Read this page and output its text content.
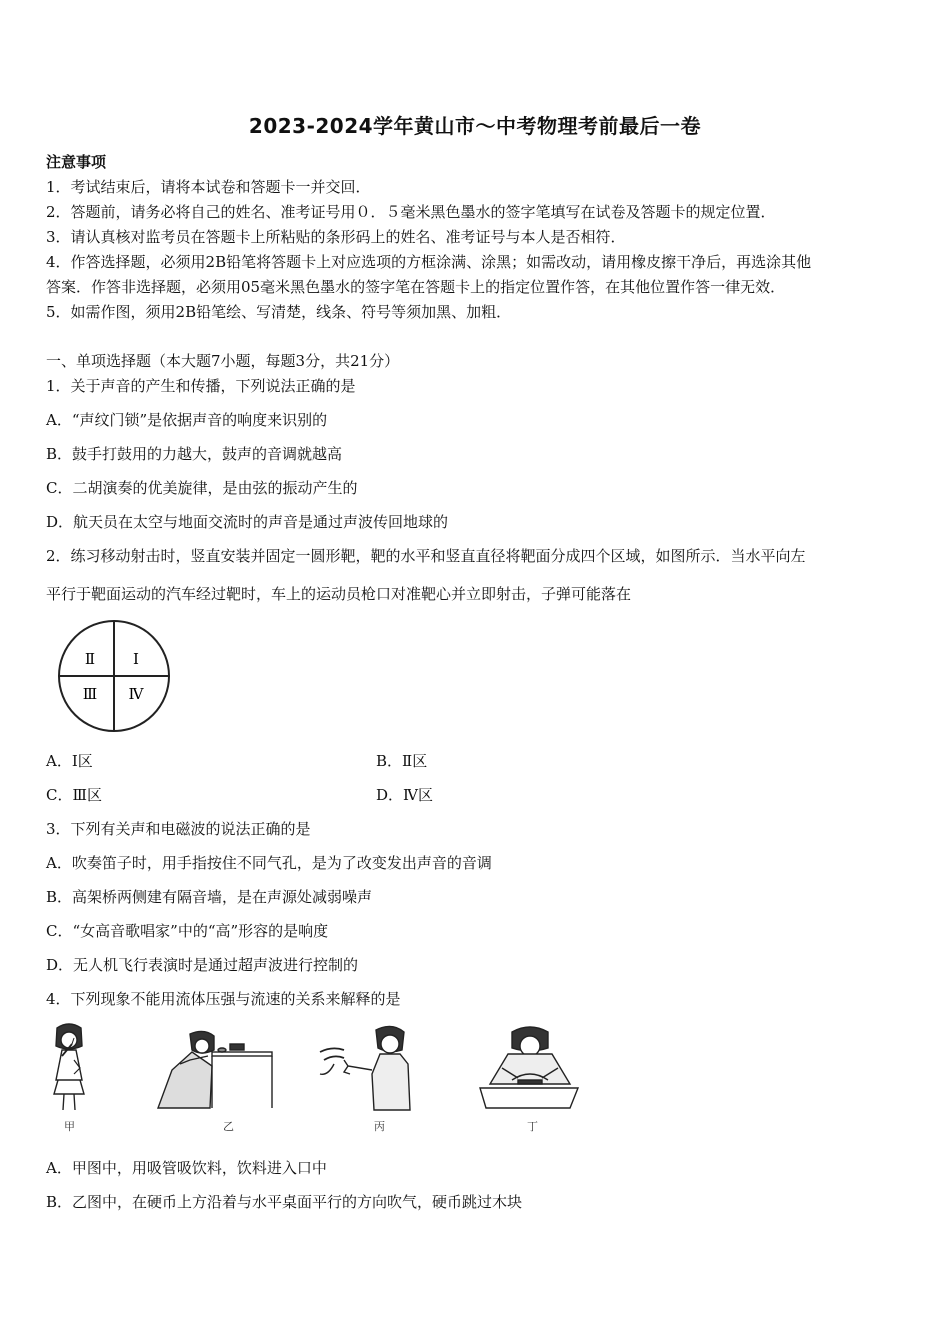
2023-2024学年黄山市～中考物理考前最后一卷
注意事项
1．考试结束后，请将本试卷和答题卡一并交回．
2．答题前，请务必将自己的姓名、准考证号用０．５毫米黑色墨水的签字笔填写在试卷及答题卡的规定位置．
3．请认真核对监考员在答题卡上所粘贴的条形码上的姓名、准考证号与本人是否相符．
4．作答选择题，必须用2B铅笔将答题卡上对应选项的方框涂满、涂黑；如需改动，请用橡皮擦干净后，再选涂其他
答案．作答非选择题，必须用05毫米黑色墨水的签字笔在答题卡上的指定位置作答，在其他位置作答一律无效．
5．如需作图，须用2B铅笔绘、写清楚，线条、符号等须加黑、加粗．
一、单项选择题（本大题7小题，每题3分，共21分）
1．关于声音的产生和传播，下列说法正确的是
A．“声纹门锁”是依据声音的响度来识别的
B．鼓手打鼓用的力越大，鼓声的音调就越高
C．二胡演奏的优美旋律，是由弦的振动产生的
D．航天员在太空与地面交流时的声音是通过声波传回地球的
2．练习移动射击时，竖直安装并固定一圆形靶，靶的水平和竖直直径将靶面分成四个区域，如图所示．当水平向左
平行于靶面运动的汽车经过靶时，车上的运动员枪口对准靶心并立即射击，子弹可能落在
Ⅱ	Ⅰ
Ⅲ Ⅳ
A．Ⅰ区	B．Ⅱ区
C．Ⅲ区	D．Ⅳ区
3．下列有关声和电磁波的说法正确的是
A．吹奏笛子时，用手指按住不同气孔，是为了改变发出声音的音调
B．高架桥两侧建有隔音墙，是在声源处减弱噪声
C．“女高音歌唱家”中的“高”形容的是响度
D．无人机飞行表演时是通过超声波进行控制的
4．下列现象不能用流体压强与流速的关系来解释的是
甲	乙	丙	丁
A．甲图中，用吸管吸饮料，饮料进入口中
B．乙图中，在硬币上方沿着与水平桌面平行的方向吹气，硬币跳过木块
